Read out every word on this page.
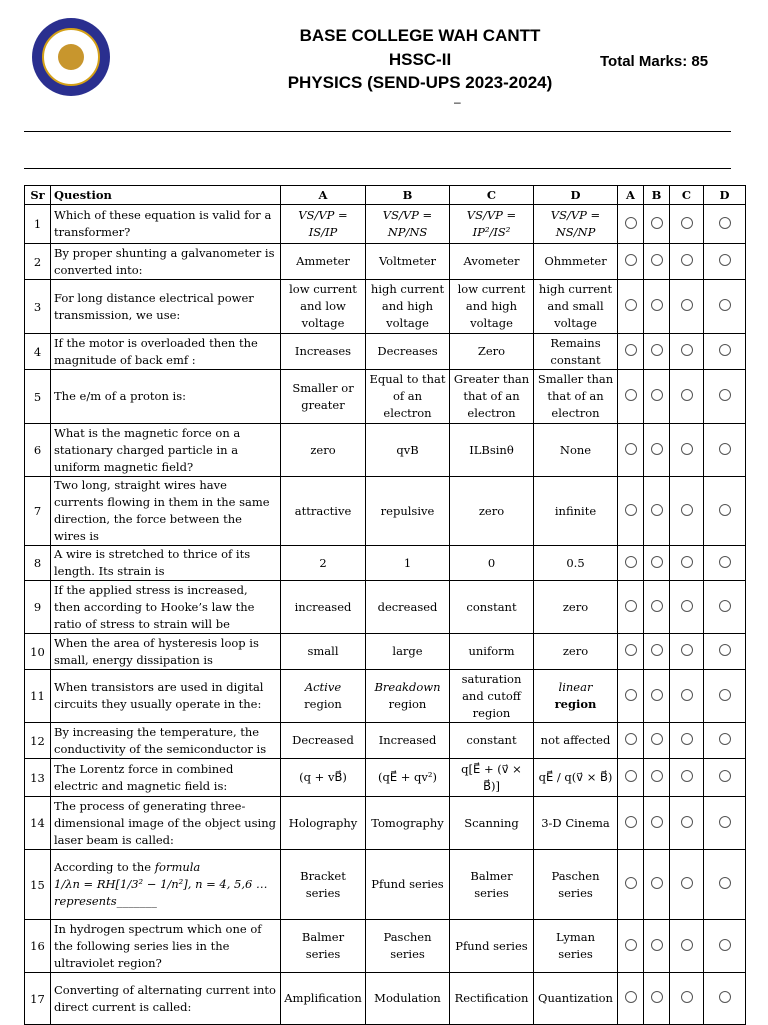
BASE COLLEGE WAH CANTT
HSSC-II
PHYSICS (SEND-UPS 2023-2024)
–
Total Marks: 85
Sr	Question	A	B	C	D	A	B	C	D
1	Which of these equation is valid for a transformer?	VS/VP = IS/IP	VS/VP = NP/NS	VS/VP = IP²/IS²	VS/VP = NS/NP				
2	By proper shunting a galvanometer is converted into:	Ammeter	Voltmeter	Avometer	Ohmmeter				
3	For long distance electrical power transmission, we use:	low current and low voltage	high current and high voltage	low current and high voltage	high current and small voltage				
4	If the motor is overloaded then the magnitude of back emf :	Increases	Decreases	Zero	Remains constant				
5	The e/m of a proton is:	Smaller or greater	Equal to that of an electron	Greater than that of an electron	Smaller than that of an electron				
6	What is the magnetic force on a stationary charged particle in a uniform magnetic field?	zero	qvB	ILBsinθ	None				
7	Two long, straight wires have currents flowing in them in the same direction, the force between the wires is	attractive	repulsive	zero	infinite				
8	A wire is stretched to thrice of its length. Its strain is	2	1	0	0.5				
9	If the applied stress is increased, then according to Hooke’s law the ratio of stress to strain will be	increased	decreased	constant	zero				
10	When the area of hysteresis loop is small, energy dissipation is	small	large	uniform	zero				
11	When transistors are used in digital circuits they usually operate in the:	Active
region	Breakdown
region	saturation and cutoff region	linear
region				
12	By increasing the temperature, the conductivity of the semiconductor is	Decreased	Increased	constant	not affected				
13	The Lorentz force in combined electric and magnetic field is:	(q + vB⃗)	(qE⃗ + qv²)	q[E⃗ + (v⃗ × B⃗)]	qE⃗ / q(v⃗ × B⃗)				
14	The process of generating three-dimensional image of the object using laser beam is called:	Holography	Tomography	Scanning	3-D Cinema				
15	According to the formula
1/λn = RH[1/3² − 1/n²], n = 4, 5,6 …
represents_______	Bracket series	Pfund series	Balmer series	Paschen series				
16	In hydrogen spectrum which one of the following series lies in the ultraviolet region?	Balmer series	Paschen series	Pfund series	Lyman series				
17	Converting of alternating current into direct current is called:	Amplification	Modulation	Rectification	Quantization				
